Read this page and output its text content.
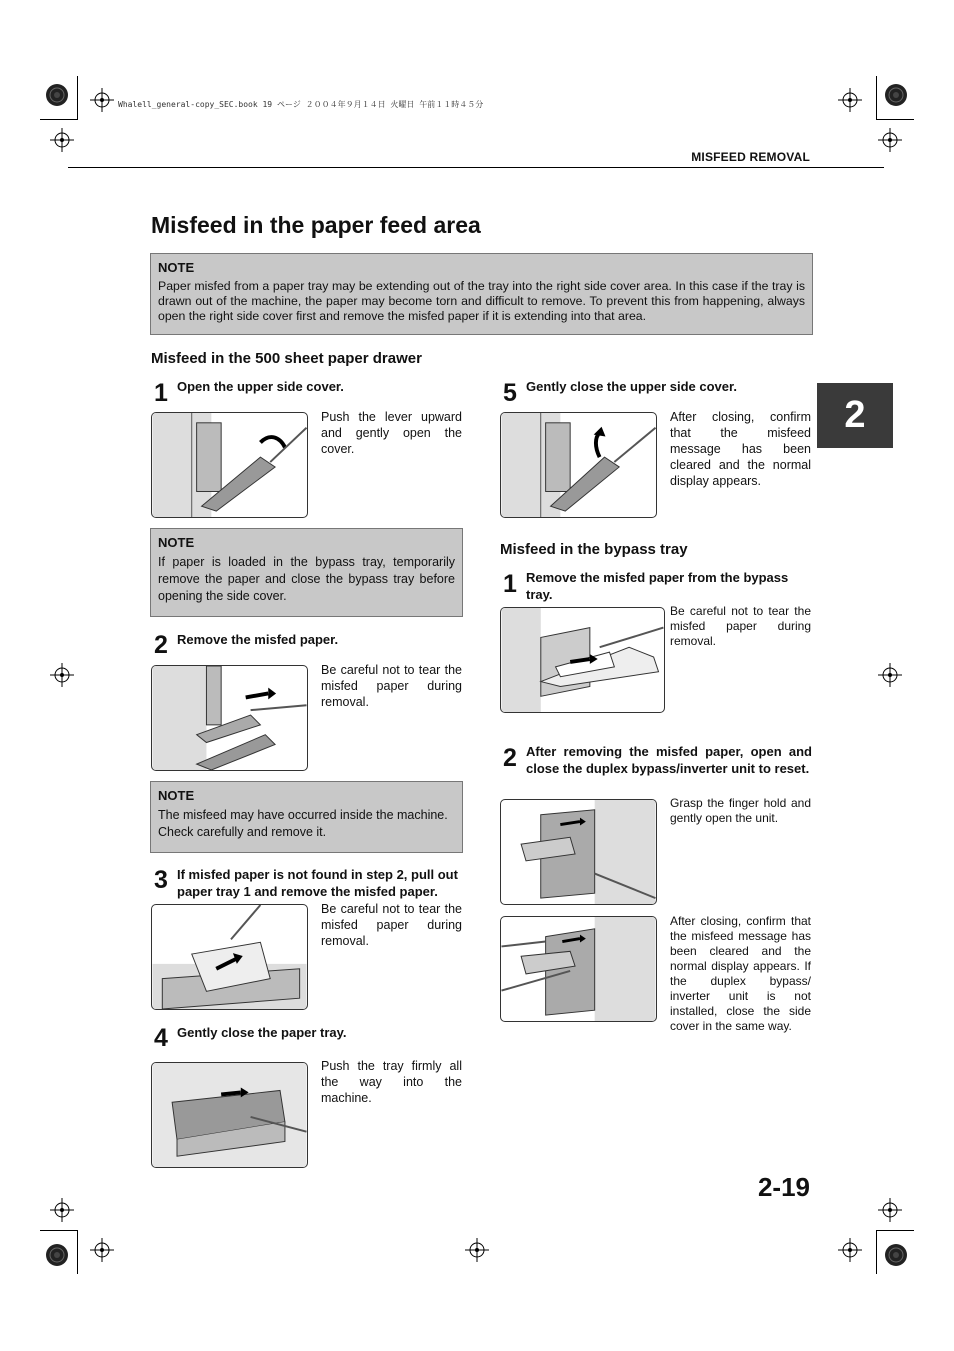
Whalell_general-copy_SEC.book 19 ページ ２００４年９月１４日 火曜日 午前１１時４５分
MISFEED REMOVAL
Misfeed in the paper feed area
NOTE
Paper misfed from a paper tray may be extending out of the tray into the right side cover area. In this case if the tray is drawn out of the machine, the paper may become torn and difficult to remove. To prevent this from happening, always open the right side cover first and remove the misfed paper if it is extending into that area.
2
Misfeed in the 500 sheet paper drawer
1 Open the upper side cover.
Push the lever upward and gently open the cover.
NOTE
If paper is loaded in the bypass tray, temporarily remove the paper and close the bypass tray before opening the side cover.
2 Remove the misfed paper.
Be careful not to tear the misfed paper during removal.
NOTE
The misfeed may have occurred inside the machine. Check carefully and remove it.
3 If misfed paper is not found in step 2, pull out paper tray 1 and remove the misfed paper.
Be careful not to tear the misfed paper during removal.
4 Gently close the paper tray.
Push the tray firmly all the way into the machine.
5 Gently close the upper side cover.
After closing, confirm that the misfeed message has been cleared and the normal display appears.
Misfeed in the bypass tray
1 Remove the misfed paper from the bypass tray.
Be careful not to tear the misfed paper during removal.
2 After removing the misfed paper, open and close the duplex bypass/inverter unit to reset.
Grasp the finger hold and gently open the unit.
After closing, confirm that the misfeed message has been cleared and the normal display appears. If the duplex bypass/ inverter unit is not installed, close the side cover in the same way.
2-19
